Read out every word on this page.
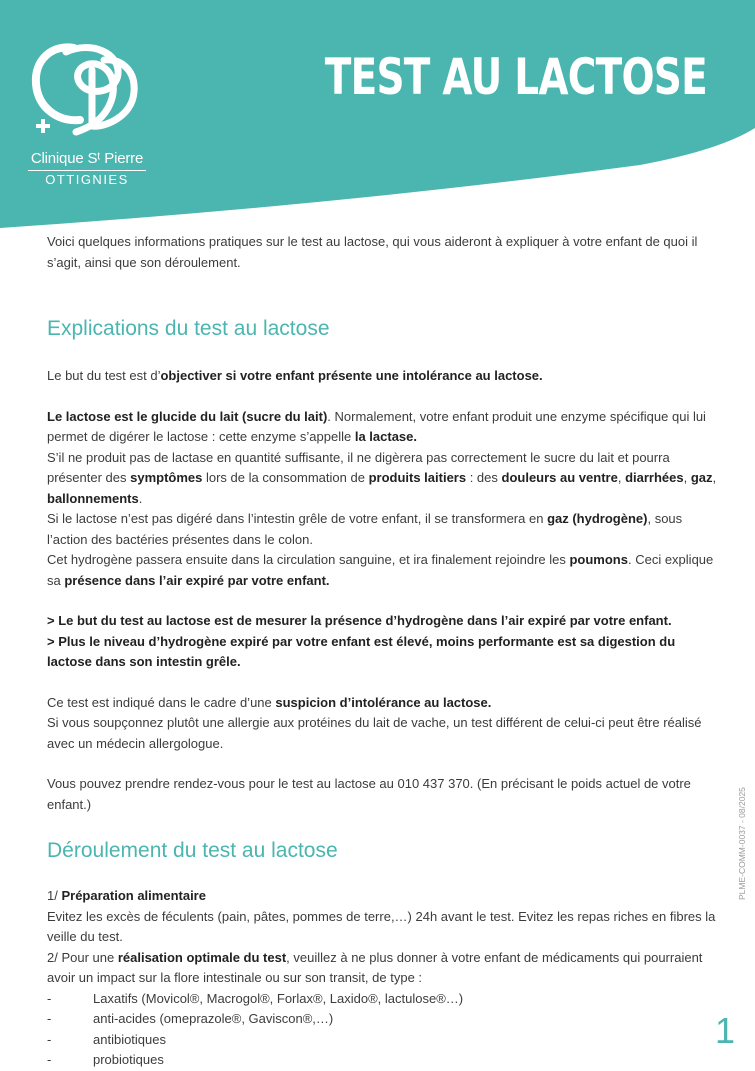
Clinique Sᵗ Pierre
OTTIGNIES
TEST AU LACTOSE

Voici quelques informations pratiques sur le test au lactose, qui vous aideront à expliquer à votre enfant de quoi il s’agit, ainsi que son déroulement.

Explications du test au lactose

Le but du test est d’objectiver si votre enfant présente une intolérance au lactose.

Le lactose est le glucide du lait (sucre du lait). Normalement, votre enfant produit une enzyme spécifique qui lui permet de digérer le lactose : cette enzyme s’appelle la lactase.

S’il ne produit pas de lactase en quantité suffisante, il ne digèrera pas correctement le sucre du lait et pourra présenter des symptômes lors de la consommation de produits laitiers : des douleurs au ventre, diarrhées, gaz, ballonnements.

Si le lactose n’est pas digéré dans l’intestin grêle de votre enfant, il se transformera en gaz (hydrogène), sous l’action des bactéries présentes dans le colon.

Cet hydrogène passera ensuite dans la circulation sanguine, et ira finalement rejoindre les poumons. Ceci explique sa présence dans l’air expiré par votre enfant.

> Le but du test au lactose est de mesurer la présence d’hydrogène dans l’air expiré par votre enfant.

> Plus le niveau d’hydrogène expiré par votre enfant est élevé, moins performante est sa digestion du lactose dans son intestin grêle.

Ce test est indiqué dans le cadre d’une suspicion d’intolérance au lactose.

Si vous soupçonnez plutôt une allergie aux protéines du lait de vache, un test différent de celui-ci peut être réalisé avec un médecin allergologue.

Vous pouvez prendre rendez-vous pour le test au lactose au 010 437 370. (En précisant le poids actuel de votre enfant.)

Déroulement du test au lactose

1/ Préparation alimentaire

Evitez les excès de féculents (pain, pâtes, pommes de terre,…) 24h avant le test. Evitez les repas riches en fibres la veille du test.

2/ Pour une réalisation optimale du test, veuillez à ne plus donner à votre enfant de médicaments qui pourraient avoir un impact sur la flore intestinale ou sur son transit, de type :

-	Laxatifs (Movicol®, Macrogol®, Forlax®, Laxido®, lactulose®…)
-	anti-acides (omeprazole®, Gaviscon®,…)
-	antibiotiques
-	probiotiques
PLME-COMM-0037 - 08/2025
1
